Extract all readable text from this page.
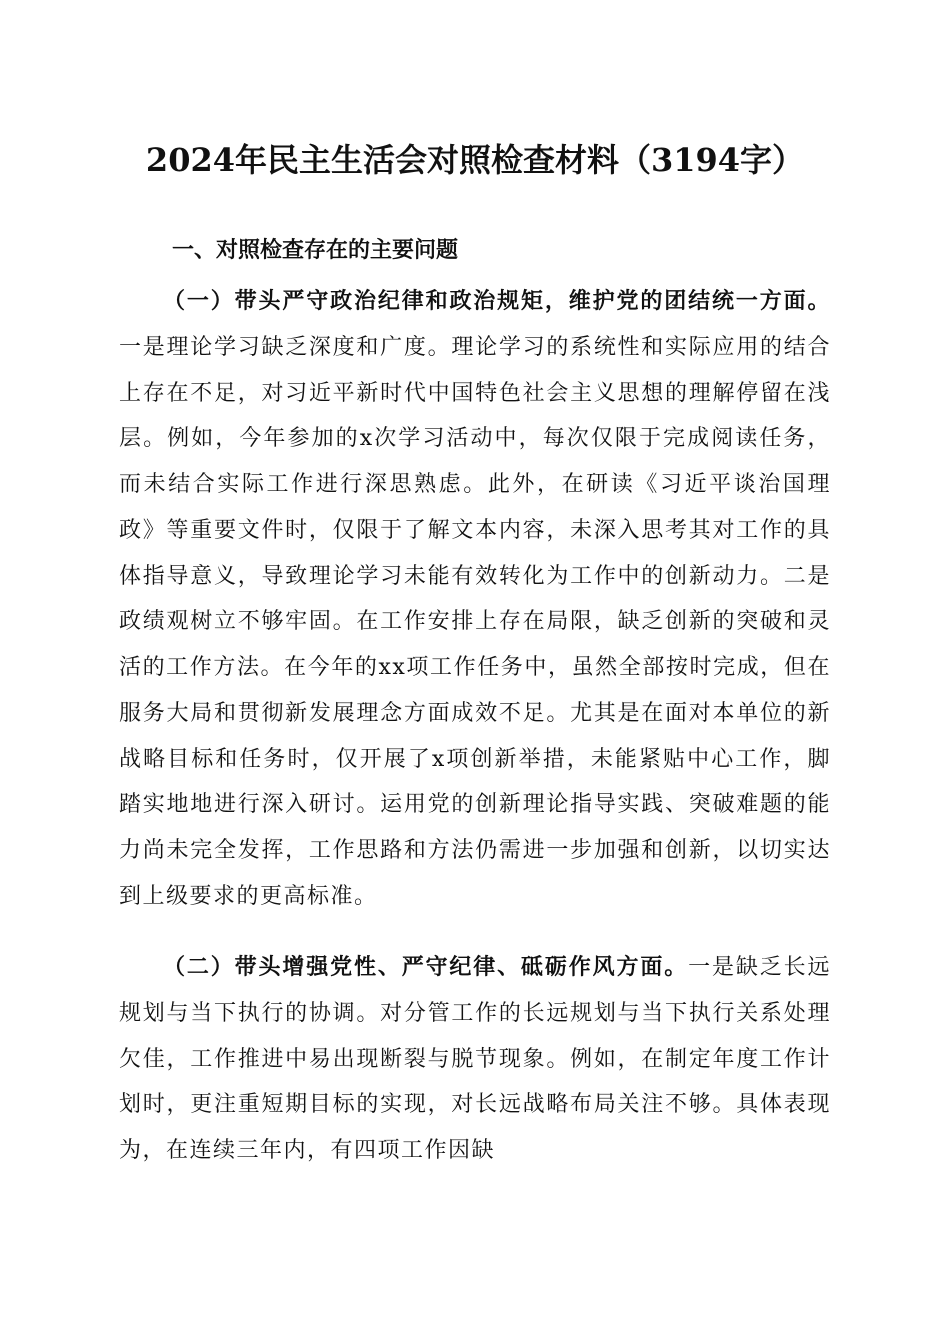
2024年民主生活会对照检查材料（3194字）
一、对照检查存在的主要问题

（一）带头严守政治纪律和政治规矩，维护党的团结统一方面。一是理论学习缺乏深度和广度。理论学习的系统性和实际应用的结合上存在不足，对习近平新时代中国特色社会主义思想的理解停留在浅层。例如，今年参加的x次学习活动中，每次仅限于完成阅读任务，而未结合实际工作进行深思熟虑。此外，在研读《习近平谈治国理政》等重要文件时，仅限于了解文本内容，未深入思考其对工作的具体指导意义，导致理论学习未能有效转化为工作中的创新动力。二是政绩观树立不够牢固。在工作安排上存在局限，缺乏创新的突破和灵活的工作方法。在今年的xx项工作任务中，虽然全部按时完成，但在服务大局和贯彻新发展理念方面成效不足。尤其是在面对本单位的新战略目标和任务时，仅开展了x项创新举措，未能紧贴中心工作，脚踏实地地进行深入研讨。运用党的创新理论指导实践、突破难题的能力尚未完全发挥，工作思路和方法仍需进一步加强和创新，以切实达到上级要求的更高标准。

（二）带头增强党性、严守纪律、砥砺作风方面。一是缺乏长远规划与当下执行的协调。对分管工作的长远规划与当下执行关系处理欠佳，工作推进中易出现断裂与脱节现象。例如，在制定年度工作计划时，更注重短期目标的实现，对长远战略布局关注不够。具体表现为，在连续三年内，有四项工作因缺
